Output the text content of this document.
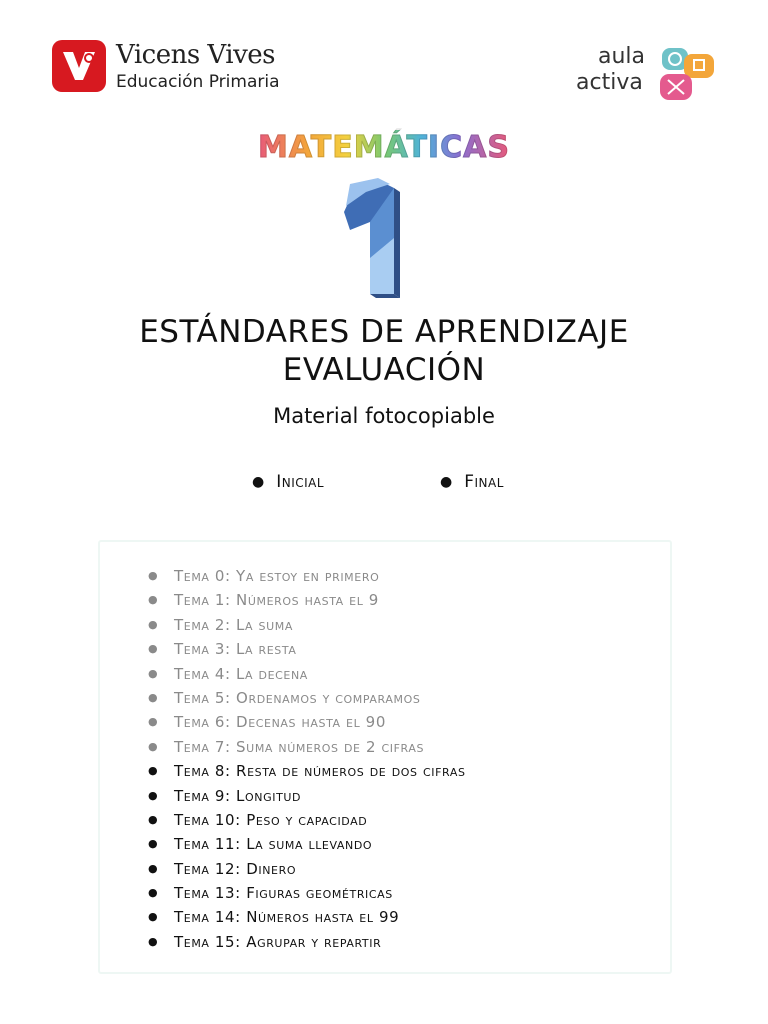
Vicens Vives
Educación Primaria
aula
activa
MATEMÁTICAS
ESTÁNDARES DE APRENDIZAJE
EVALUACIÓN
Material fotocopiable
● Inicial	● Final
●	Tema 0: Ya estoy en primero
●	Tema 1: Números hasta el 9
●	Tema 2: La suma
●	Tema 3: La resta
●	Tema 4: La decena
●	Tema 5: Ordenamos y comparamos
●	Tema 6: Decenas hasta el 90
●	Tema 7: Suma números de 2 cifras
●	Tema 8: Resta de números de dos cifras
●	Tema 9: Longitud
●	Tema 10: Peso y capacidad
●	Tema 11: La suma llevando
●	Tema 12: Dinero
●	Tema 13: Figuras geométricas
●	Tema 14: Números hasta el 99
●	Tema 15: Agrupar y repartir
